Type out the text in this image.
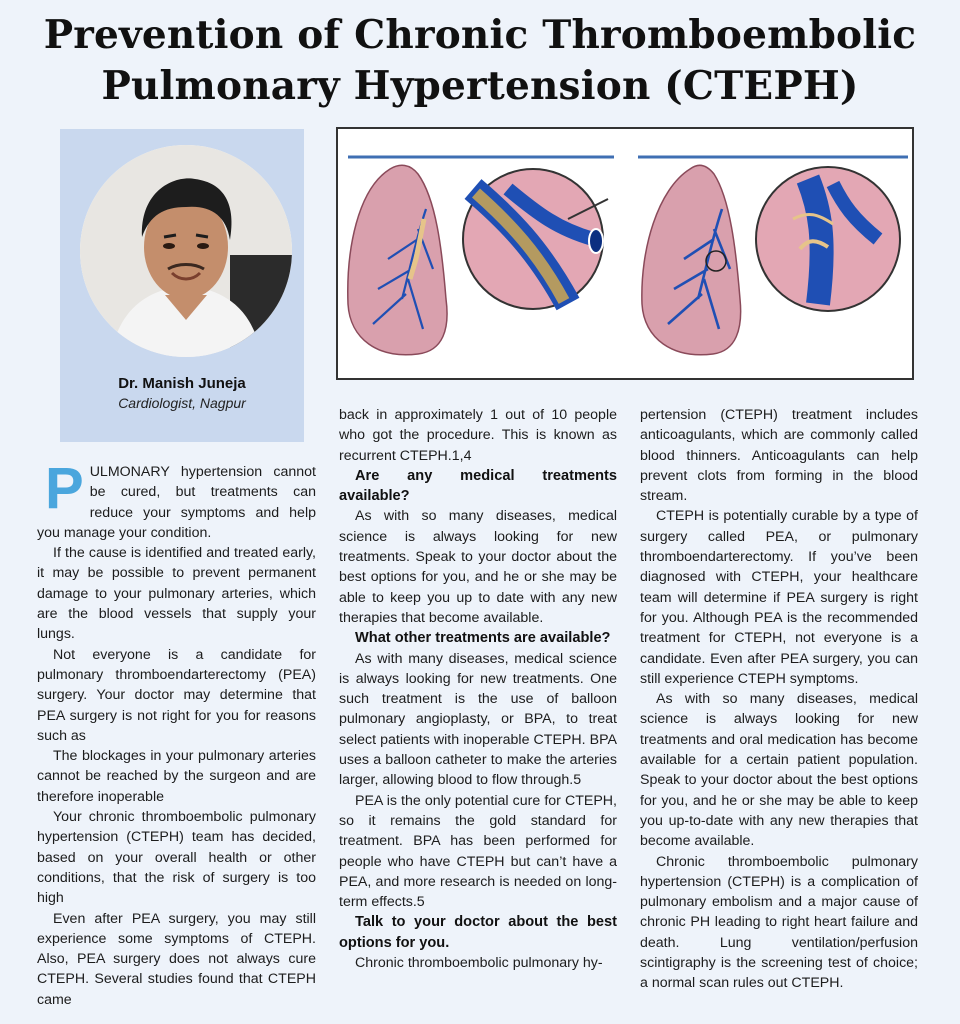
Prevention of Chronic Thromboembolic
Pulmonary Hypertension (CTEPH)
Dr. Manish Juneja
Cardiologist, Nagpur

PULMONARY hypertension cannot be cured, but treatments can reduce your symptoms and help you manage your condition.

If the cause is identified and treated early, it may be possible to prevent permanent damage to your pulmonary arteries, which are the blood vessels that supply your lungs.

Not everyone is a candidate for pulmonary thromboendarterectomy (PEA) surgery. Your doctor may determine that PEA surgery is not right for you for reasons such as

The blockages in your pulmonary arteries cannot be reached by the surgeon and are therefore inoperable

Your chronic thromboembolic pulmonary hypertension (CTEPH) team has decided, based on your overall health or other conditions, that the risk of surgery is too high

Even after PEA surgery, you may still experience some symptoms of CTEPH. Also, PEA surgery does not always cure CTEPH. Several studies found that CTEPH came

back in approximately 1 out of 10 people who got the procedure. This is known as recurrent CTEPH.1,4

Are any medical treatments available?

As with so many diseases, medical science is always looking for new treatments. Speak to your doctor about the best options for you, and he or she may be able to keep you up to date with any new therapies that become available.

What other treatments are available?

As with many diseases, medical science is always looking for new treatments. One such treatment is the use of balloon pulmonary angioplasty, or BPA, to treat select patients with inoperable CTEPH. BPA uses a balloon catheter to make the arteries larger, allowing blood to flow through.5

PEA is the only potential cure for CTEPH, so it remains the gold standard for treatment. BPA has been performed for people who have CTEPH but can’t have a PEA, and more research is needed on long-term effects.5

Talk to your doctor about the best options for you.

Chronic thromboembolic pulmonary hy-

pertension (CTEPH) treatment includes anticoagulants, which are commonly called blood thinners. Anticoagulants can help prevent clots from forming in the blood stream.

CTEPH is potentially curable by a type of surgery called PEA, or pulmonary thromboendarterectomy. If you’ve been diagnosed with CTEPH, your healthcare team will determine if PEA surgery is right for you. Although PEA is the recommended treatment for CTEPH, not everyone is a candidate. Even after PEA surgery, you can still experience CTEPH symptoms.

As with so many diseases, medical science is always looking for new treatments and oral medication has become available for a certain patient population. Speak to your doctor about the best options for you, and he or she may be able to keep you up-to-date with any new therapies that become available.

Chronic thromboembolic pulmonary hypertension (CTEPH) is a complication of pulmonary embolism and a major cause of chronic PH leading to right heart failure and death. Lung ventilation/perfusion scintigraphy is the screening test of choice; a normal scan rules out CTEPH.
